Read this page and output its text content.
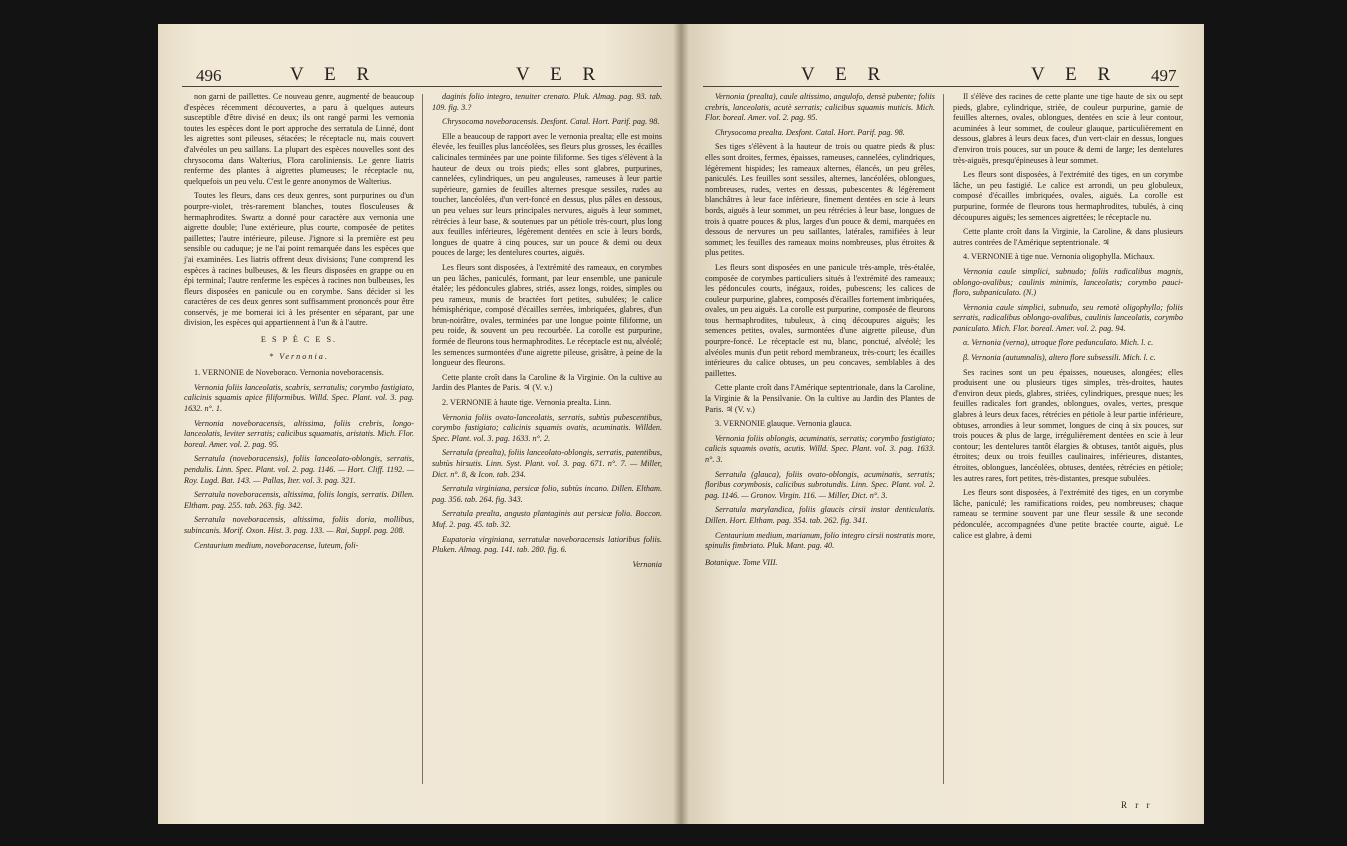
496	V E R	V E R

non garni de paillettes. Ce nouveau genre, augmenté de beaucoup d'espèces récemment découvertes, a paru à quelques auteurs susceptible d'être divisé en deux; ils ont rangé parmi les vernonia toutes les espèces dont le port approche des serratula de Linné, dont les aigrettes sont pileuses, sétacées; le réceptacle nu, mais couvert d'alvéoles un peu saillans. La plupart des espèces nouvelles sont des chrysocoma dans Walterius, Flora caroliniensis. Le genre liatris renferme des plantes à aigrettes plumeuses; le réceptacle nu, quelquefois un peu velu. C'est le genre anonymos de Walterius.

Toutes les fleurs, dans ces deux genres, sont purpurines ou d'un pourpre-violet, très-rarement blanches, toutes flosculeuses & hermaphrodites. Swartz a donné pour caractère aux vernonia une aigrette double; l'une extérieure, plus courte, composée de petites paillettes; l'autre intérieure, pileuse. J'ignore si la première est peu sensible ou caduque; je ne l'ai point remarquée dans les espèces que j'ai examinées. Les liatris offrent deux divisions; l'une comprend les espèces à racines bulbeuses, & les fleurs disposées en grappe ou en épi terminal; l'autre renferme les espèces à racines non bulbeuses, les fleurs disposées en panicule ou en corymbe. Sans décider si les caractères de ces deux genres sont suffisamment prononcés pour être conservés, je me bornerai ici à les présenter en séparant, par une division, les espèces qui appartiennent à l'un & à l'autre.

E S P È C E S.

* Vernonia.

1. VERNONIE de Noveboraco. Vernonia noveboracensis.

Vernonia foliis lanceolatis, scabris, serratulis; corymbo fastigiato, calicinis squamis apice filiformibus. Willd. Spec. Plant. vol. 3. pag. 1632. n°. 1.

Vernonia noveboracensis, altissima, foliis crebris, longo-lanceolatis, leviter serratis; calicibus squamatis, aristatis. Mich. Flor. boreal. Amer. vol. 2. pag. 95.

Serratula (noveboracensis), foliis lanceolato-oblongis, serratis, pendulis. Linn. Spec. Plant. vol. 2. pag. 1146. — Hort. Cliff. 1192. — Roy. Lugd. Bat. 143. — Pallas, Iter. vol. 3. pag. 321.

Serratula noveboracensis, altissima, foliis longis, serratis. Dillen. Eltham. pag. 255. tab. 263. fig. 342.

Serratula noveboracensis, altissima, foliis doria, mollibus, subincanis. Morif. Oxon. Hist. 3. pag. 133. — Rai, Suppl. pag. 208.

Centaurium medium, noveboracense, luteum, foli-

daginis folio integro, tenuiter crenato. Pluk. Almag. pag. 93. tab. 109. fig. 3.?

Chrysocoma noveboracensis. Desfont. Catal. Hort. Parif. pag. 98.

Elle a beaucoup de rapport avec le vernonia prealta; elle est moins élevée, les feuilles plus lancéolées, ses fleurs plus grosses, les écailles calicinales terminées par une pointe filiforme. Ses tiges s'élèvent à la hauteur de deux ou trois pieds; elles sont glabres, purpurines, cannelées, cylindriques, un peu anguleuses, rameuses à leur partie supérieure, garnies de feuilles alternes presque sessiles, rudes au toucher, lancéolées, d'un vert-foncé en dessus, plus pâles en dessous, un peu velues sur leurs principales nervures, aiguës à leur sommet, rétrécies à leur base, & soutenues par un pétiole très-court, plus long aux feuilles inférieures, légèrement dentées en scie à leurs bords, longues de quatre à cinq pouces, sur un pouce & demi ou deux pouces de large; les dentelures courtes, aiguës.

Les fleurs sont disposées, à l'extrémité des rameaux, en corymbes un peu lâches, paniculés, formant, par leur ensemble, une panicule étalée; les pédoncules glabres, striés, assez longs, roides, simples ou peu rameux, munis de bractées fort petites, subulées; le calice hémisphérique, composé d'écailles serrées, imbriquées, glabres, d'un brun-noirâtre, ovales, terminées par une longue pointe filiforme, un peu roide, & souvent un peu recourbée. La corolle est purpurine, formée de fleurons tous hermaphrodites. Le réceptacle est nu, alvéolé; les semences surmontées d'une aigrette pileuse, grisâtre, à peine de la longueur des fleurons.

Cette plante croît dans la Caroline & la Virginie. On la cultive au Jardin des Plantes de Paris. ♃ (V. v.)

2. VERNONIE à haute tige. Vernonia prealta. Linn.

Vernonia foliis ovato-lanceolatis, serratis, subtùs pubescentibus, corymbo fastigiato; calicinis squamis ovatis, acuminatis. Willden. Spec. Plant. vol. 3. pag. 1633. n°. 2.

Serratula (prealta), foliis lanceolato-oblongis, serratis, patentibus, subtùs hirsutis. Linn. Syst. Plant. vol. 3. pag. 671. n°. 7. — Miller, Dict. n°. 8, & Icon. tab. 234.

Serratula virginiana, persicæ folio, subtùs incano. Dillen. Eltham. pag. 356. tab. 264. fig. 343.

Serratula prealta, angusto plantaginis aut persicæ folio. Boccon. Muf. 2. pag. 45. tab. 32.

Eupatoria virginiana, serratulæ noveboracensis latioribus foliis. Pluken. Almag. pag. 141. tab. 280. fig. 6.

Vernonia

V E R	V E R 497

Vernonia (prealta), caule altissimo, angulofo, densè pubente; foliis crebris, lanceolatis, acutè serratis; calicibus squamis muticis. Mich. Flor. boreal. Amer. vol. 2. pag. 95.

Chrysocoma prealta. Desfont. Catal. Hort. Parif. pag. 98.

Ses tiges s'élèvent à la hauteur de trois ou quatre pieds & plus: elles sont droites, fermes, épaisses, rameuses, cannelées, cylindriques, légèrement hispides; les rameaux alternes, élancés, un peu grêles, paniculés. Les feuilles sont sessiles, alternes, lancéolées, oblongues, nombreuses, rudes, vertes en dessus, pubescentes & légèrement blanchâtres à leur face inférieure, finement dentées en scie à leurs bords, aiguës à leur sommet, un peu rétrécies à leur base, longues de trois à quatre pouces & plus, larges d'un pouce & demi, marquées en dessous de nervures un peu saillantes, latérales, ramifiées à leur sommet; les feuilles des rameaux moins nombreuses, plus étroites & plus petites.

Les fleurs sont disposées en une panicule très-ample, très-étalée, composée de corymbes particuliers situés à l'extrémité des rameaux; les pédoncules courts, inégaux, roides, pubescens; les calices de couleur purpurine, glabres, composés d'écailles fortement imbriquées, ovales, un peu aiguës. La corolle est purpurine, composée de fleurons tous hermaphrodites, tubuleux, à cinq découpures aiguës; les semences petites, ovales, surmontées d'une aigrette pileuse, d'un pourpre-foncé. Le réceptacle est nu, blanc, ponctué, alvéolé; les alvéoles munis d'un petit rebord membraneux, très-court; les écailles intérieures du calice obtuses, un peu concaves, semblables à des paillettes.

Cette plante croît dans l'Amérique septentrionale, dans la Caroline, la Virginie & la Pensilvanie. On la cultive au Jardin des Plantes de Paris. ♃ (V. v.)

3. VERNONIE glauque. Vernonia glauca.

Vernonia foliis oblongis, acuminatis, serratis; corymbo fastigiato; calicis squamis ovatis, acutis. Willd. Spec. Plant. vol. 3. pag. 1633. n°. 3.

Serratula (glauca), foliis ovato-oblongis, acuminatis, serratis; floribus corymbosis, calicibus subrotundis. Linn. Spec. Plant. vol. 2. pag. 1146. — Gronov. Virgin. 116. — Miller, Dict. n°. 3.

Serratula marylandica, foliis glaucis cirsii instar denticulatis. Dillen. Hort. Eltham. pag. 354. tab. 262. fig. 341.

Centaurium medium, marianum, folio integro cirsii nostratis more, spinulis fimbriato. Pluk. Mant. pag. 40.

Botanique. Tome VIII.

Il s'élève des racines de cette plante une tige haute de six ou sept pieds, glabre, cylindrique, striée, de couleur purpurine, garnie de feuilles alternes, ovales, oblongues, dentées en scie à leur contour, acuminées à leur sommet, de couleur glauque, particulièrement en dessous, glabres à leurs deux faces, d'un vert-clair en dessus, longues d'environ trois pouces, sur un pouce & demi de large; les dentelures très-aiguës, presqu'épineuses à leur sommet.

Les fleurs sont disposées, à l'extrémité des tiges, en un corymbe lâche, un peu fastigié. Le calice est arrondi, un peu globuleux, composé d'écailles imbriquées, ovales, aiguës. La corolle est purpurine, formée de fleurons tous hermaphrodites, tubulés, à cinq découpures aiguës; les semences aigrettées; le réceptacle nu.

Cette plante croît dans la Virginie, la Caroline, & dans plusieurs autres contrées de l'Amérique septentrionale. ♃

4. VERNONIE à tige nue. Vernonia oligophylla. Michaux.

Vernonia caule simplici, subnudo; foliis radicalibus magnis, oblongo-ovalibus; caulinis minimis, lanceolatis; corymbo pauci-floro, subpaniculato. (N.)

Vernonia caule simplici, subnudo, seu remotè oligophyllo; foliis serratis, radicalibus oblongo-ovalibus, caulinis lanceolatis, corymbo paniculato. Mich. Flor. boreal. Amer. vol. 2. pag. 94.

α. Vernonia (verna), utroque flore pedunculato. Mich. l. c.

β. Vernonia (autumnalis), altero flore subsessili. Mich. l. c.

Ses racines sont un peu épaisses, noueuses, alongées; elles produisent une ou plusieurs tiges simples, très-droites, hautes d'environ deux pieds, glabres, striées, cylindriques, presque nues; les feuilles radicales fort grandes, oblongues, ovales, vertes, presque glabres à leurs deux faces, rétrécies en pétiole à leur partie inférieure, obtuses, arrondies à leur sommet, longues de cinq à six pouces, sur trois pouces & plus de large, irrégulièrement dentées en scie à leur contour; les dentelures tantôt élargies & obtuses, tantôt aiguës, plus étroites; deux ou trois feuilles caulinaires, inférieures, distantes, étroites, oblongues, lancéolées, obtuses, dentées, rétrécies en pétiole; les autres rares, fort petites, très-distantes, presque subulées.

Les fleurs sont disposées, à l'extrémité des tiges, en un corymbe lâche, paniculé; les ramifications roides, peu nombreuses; chaque rameau se termine souvent par une fleur sessile & une seconde pédonculée, accompagnées d'une petite bractée courte, aiguë. Le calice est glabre, à demi

R r r
